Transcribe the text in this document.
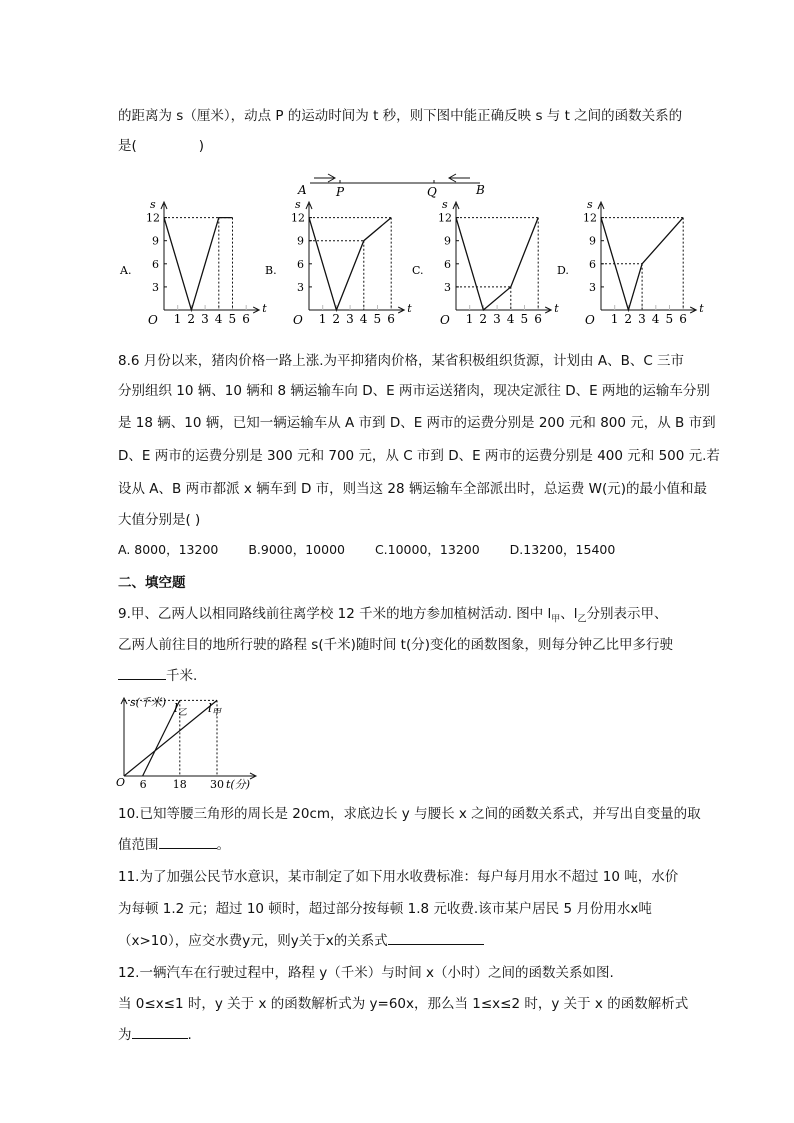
的距离为 s（厘米），动点 P 的运动时间为 t 秒，则下图中能正确反映 s 与 t 之间的函数关系的
是(	)
A P	Q	B
s
t
O
A.
12
9
6
3
1 2 3 4 5 6
s
t
O
B.
12
9
6
3
1 2 3 4 5 6
s
t
O
C.
12
9
6
3
1 2 3 4 5 6
s
t
O
D.
12
9
6
3
1 2 3 4 5 6
8.6 月份以来，猪肉价格一路上涨.为平抑猪肉价格，某省积极组织货源，计划由 A、B、C 三市
分别组织 10 辆、10 辆和 8 辆运输车向 D、E 两市运送猪肉，现决定派往 D、E 两地的运输车分别
是 18 辆、10 辆，已知一辆运输车从 A 市到 D、E 两市的运费分别是 200 元和 800 元，从 B 市到
D、E 两市的运费分别是 300 元和 700 元，从 C 市到 D、E 两市的运费分别是 400 元和 500 元.若
设从 A、B 两市都派 x 辆车到 D 市，则当这 28 辆运输车全部派出时，总运费 W(元)的最小值和最
大值分别是( )
A. 8000，13200 B.9000，10000 C.10000，13200 D.13200，15400
二、填空题
9.甲、乙两人以相同路线前往离学校 12 千米的地方参加植树活动. 图中 $l_甲$、$l_乙$分别表示甲、
乙两人前往目的地所行驶的路程 s(千米)随时间 t(分)变化的函数图象，则每分钟乙比甲多行驶
千米.
s(千米)
t(分)
O 6 18 30
$l_乙$ $l_甲$
10.已知等腰三角形的周长是 20cm，求底边长 y 与腰长 x 之间的函数关系式，并写出自变量的取
值范围	。
11.为了加强公民节水意识，某市制定了如下用水收费标准：每户每月用水不超过 10 吨，水价
为每顿 1.2 元；超过 10 顿时，超过部分按每顿 1.8 元收费.该市某户居民 5 月份用水x吨
（x>10），应交水费y元，则y关于x的关系式
12.一辆汽车在行驶过程中，路程 y（千米）与时间 x（小时）之间的函数关系如图.
当 0≤x≤1 时，y 关于 x 的函数解析式为 y=60x，那么当 1≤x≤2 时，y 关于 x 的函数解析式
为	.
